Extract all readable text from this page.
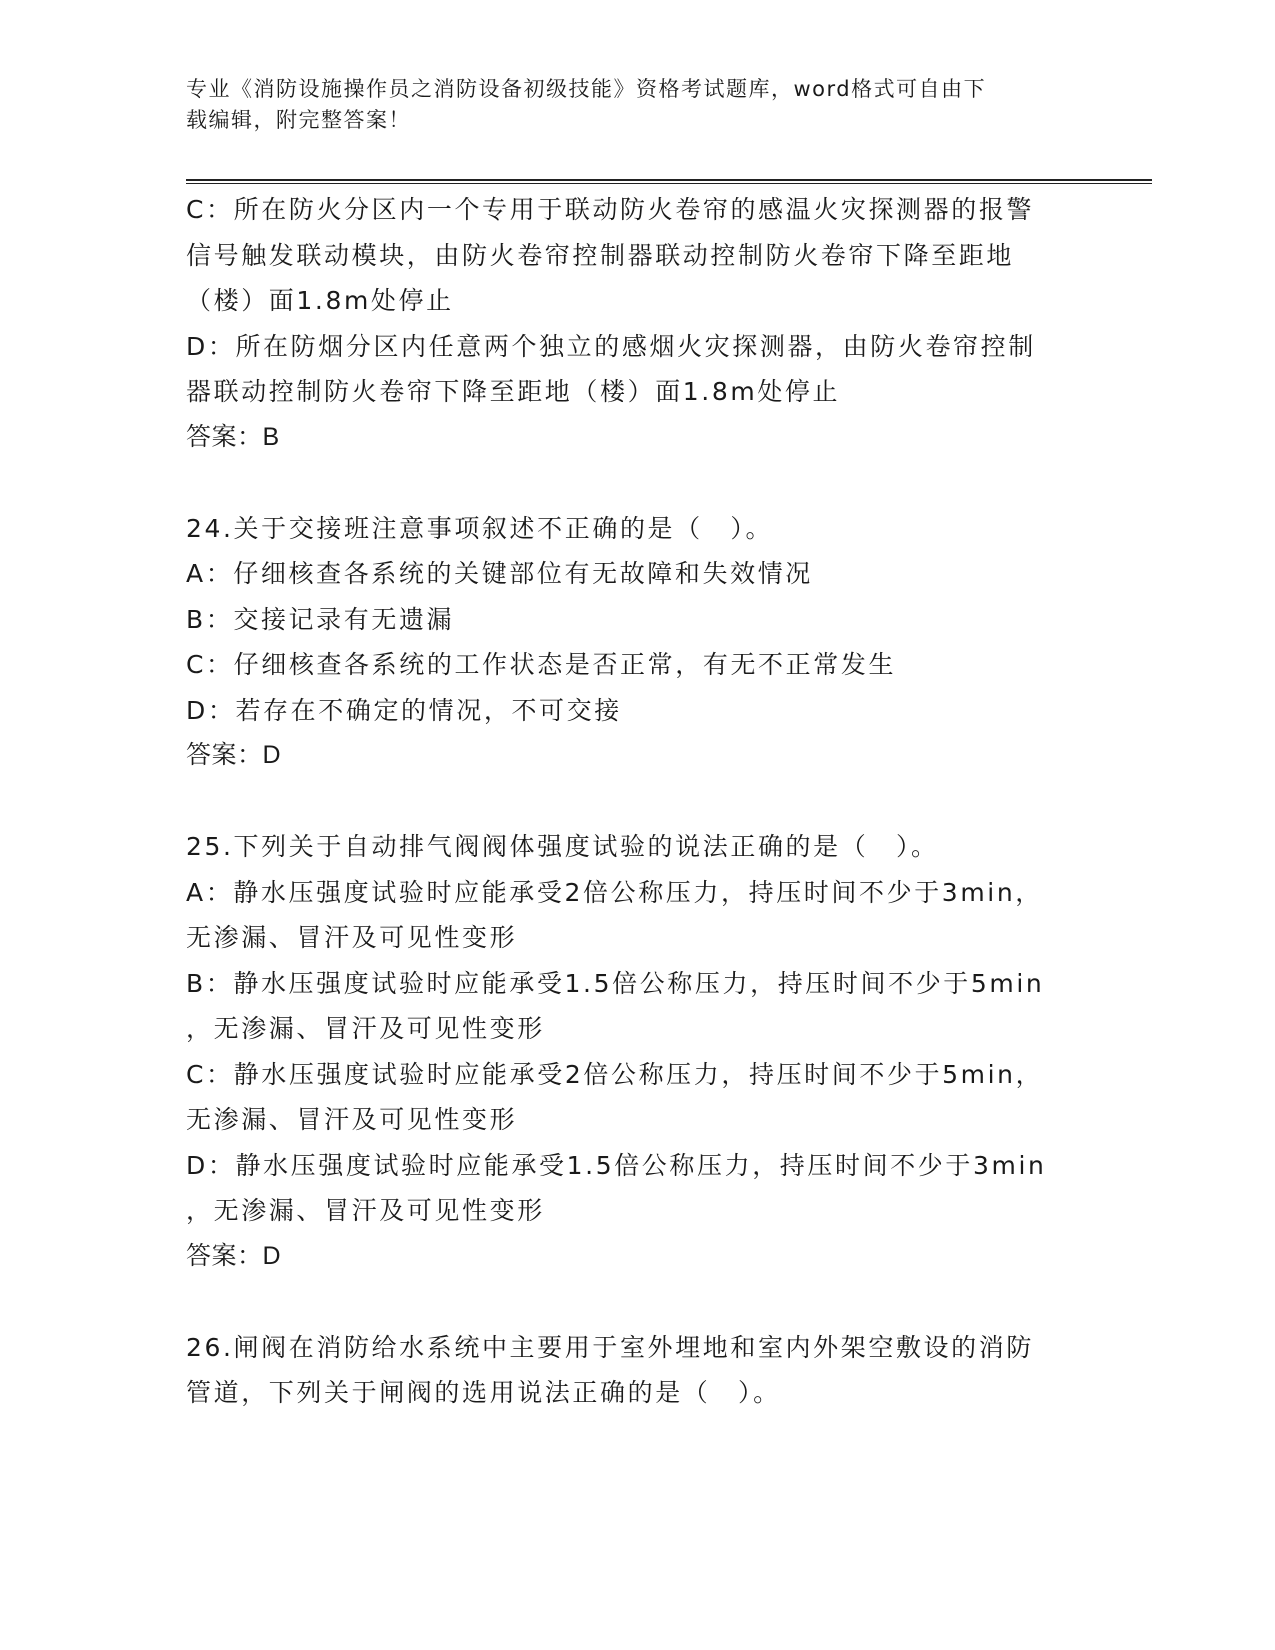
专业《消防设施操作员之消防设备初级技能》资格考试题库，word格式可自由下
载编辑，附完整答案！
C：所在防火分区内一个专用于联动防火卷帘的感温火灾探测器的报警
信号触发联动模块，由防火卷帘控制器联动控制防火卷帘下降至距地
（楼）面1.8m处停止
D：所在防烟分区内任意两个独立的感烟火灾探测器，由防火卷帘控制
器联动控制防火卷帘下降至距地（楼）面1.8m处停止
答案：B
24.关于交接班注意事项叙述不正确的是（　）。
A：仔细核查各系统的关键部位有无故障和失效情况
B：交接记录有无遗漏
C：仔细核查各系统的工作状态是否正常，有无不正常发生
D：若存在不确定的情况，不可交接
答案：D
25.下列关于自动排气阀阀体强度试验的说法正确的是（　）。
A：静水压强度试验时应能承受2倍公称压力，持压时间不少于3min，
无渗漏、冒汗及可见性变形
B：静水压强度试验时应能承受1.5倍公称压力，持压时间不少于5min
，无渗漏、冒汗及可见性变形
C：静水压强度试验时应能承受2倍公称压力，持压时间不少于5min，
无渗漏、冒汗及可见性变形
D：静水压强度试验时应能承受1.5倍公称压力，持压时间不少于3min
，无渗漏、冒汗及可见性变形
答案：D
26.闸阀在消防给水系统中主要用于室外埋地和室内外架空敷设的消防
管道，下列关于闸阀的选用说法正确的是（　）。
